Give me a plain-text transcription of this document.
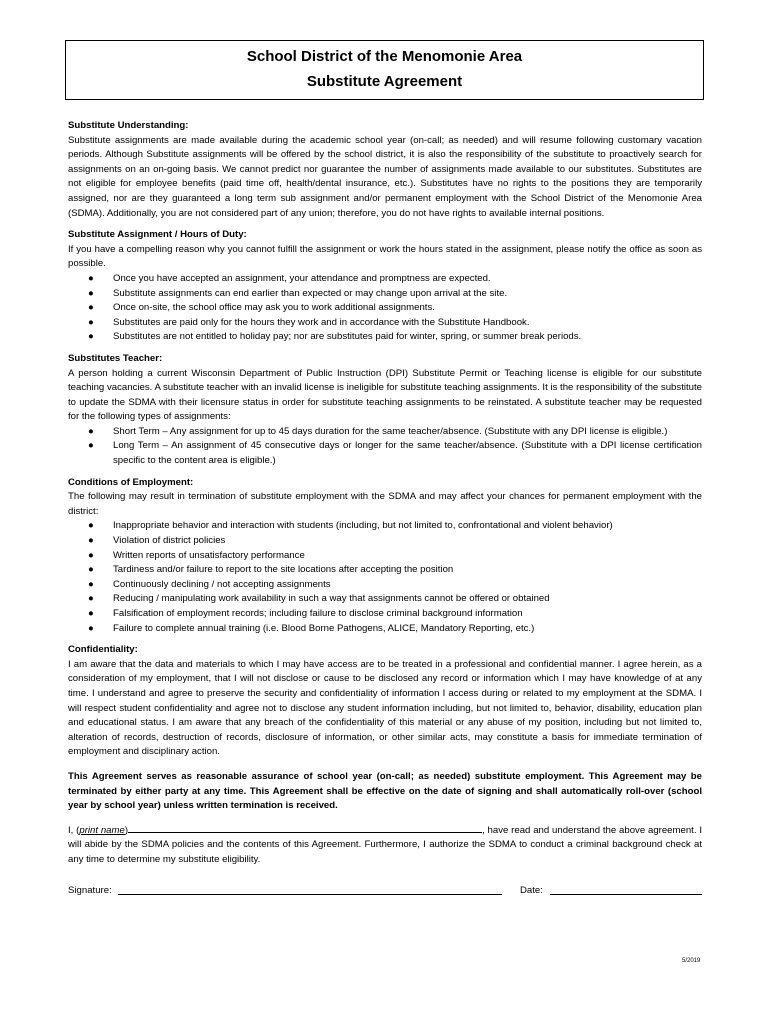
School District of the Menomonie Area
Substitute Agreement

Substitute Understanding:

Substitute assignments are made available during the academic school year (on-call; as needed) and will resume following customary vacation periods. Although Substitute assignments will be offered by the school district, it is also the responsibility of the substitute to proactively search for assignments on an on-going basis. We cannot predict nor guarantee the number of assignments made available to our substitutes. Substitutes are not eligible for employee benefits (paid time off, health/dental insurance, etc.). Substitutes have no rights to the positions they are temporarily assigned, nor are they guaranteed a long term sub assignment and/or permanent employment with the School District of the Menomonie Area (SDMA). Additionally, you are not considered part of any union; therefore, you do not have rights to available internal positions.

Substitute Assignment / Hours of Duty:

If you have a compelling reason why you cannot fulfill the assignment or work the hours stated in the assignment, please notify the office as soon as possible.

● Once you have accepted an assignment, your attendance and promptness are expected.
● Substitute assignments can end earlier than expected or may change upon arrival at the site.
● Once on-site, the school office may ask you to work additional assignments.
● Substitutes are paid only for the hours they work and in accordance with the Substitute Handbook.
● Substitutes are not entitled to holiday pay; nor are substitutes paid for winter, spring, or summer break periods.

Substitutes Teacher:

A person holding a current Wisconsin Department of Public Instruction (DPI) Substitute Permit or Teaching license is eligible for our substitute teaching vacancies. A substitute teacher with an invalid license is ineligible for substitute teaching assignments. It is the responsibility of the substitute to update the SDMA with their licensure status in order for substitute teaching assignments to be reinstated. A substitute teacher may be requested for the following types of assignments:

● Short Term – Any assignment for up to 45 days duration for the same teacher/absence. (Substitute with any DPI license is eligible.)
● Long Term – An assignment of 45 consecutive days or longer for the same teacher/absence. (Substitute with a DPI license certification specific to the content area is eligible.)

Conditions of Employment:

The following may result in termination of substitute employment with the SDMA and may affect your chances for permanent employment with the district:

● Inappropriate behavior and interaction with students (including, but not limited to, confrontational and violent behavior)
● Violation of district policies
● Written reports of unsatisfactory performance
● Tardiness and/or failure to report to the site locations after accepting the position
● Continuously declining / not accepting assignments
● Reducing / manipulating work availability in such a way that assignments cannot be offered or obtained
● Falsification of employment records; including failure to disclose criminal background information
● Failure to complete annual training (i.e. Blood Borne Pathogens, ALICE, Mandatory Reporting, etc.)

Confidentiality:

I am aware that the data and materials to which I may have access are to be treated in a professional and confidential manner. I agree herein, as a consideration of my employment, that I will not disclose or cause to be disclosed any record or information which I may have knowledge of at any time. I understand and agree to preserve the security and confidentiality of information I access during or related to my employment at the SDMA. I will respect student confidentiality and agree not to disclose any student information including, but not limited to, behavior, disability, education plan and educational status. I am aware that any breach of the confidentiality of this material or any abuse of my position, including but not limited to, alteration of records, destruction of records, disclosure of information, or other similar acts, may constitute a basis for immediate termination of employment and disciplinary action.

This Agreement serves as reasonable assurance of school year (on-call; as needed) substitute employment. This Agreement may be terminated by either party at any time. This Agreement shall be effective on the date of signing and shall automatically roll-over (school year by school year) unless written termination is received.

I, (print name)	, have read and understand the above agreement. I will abide by the SDMA policies and the contents of this Agreement. Furthermore, I authorize the SDMA to conduct a criminal background check at any time to determine my substitute eligibility.

Signature:	Date:
5/2019
